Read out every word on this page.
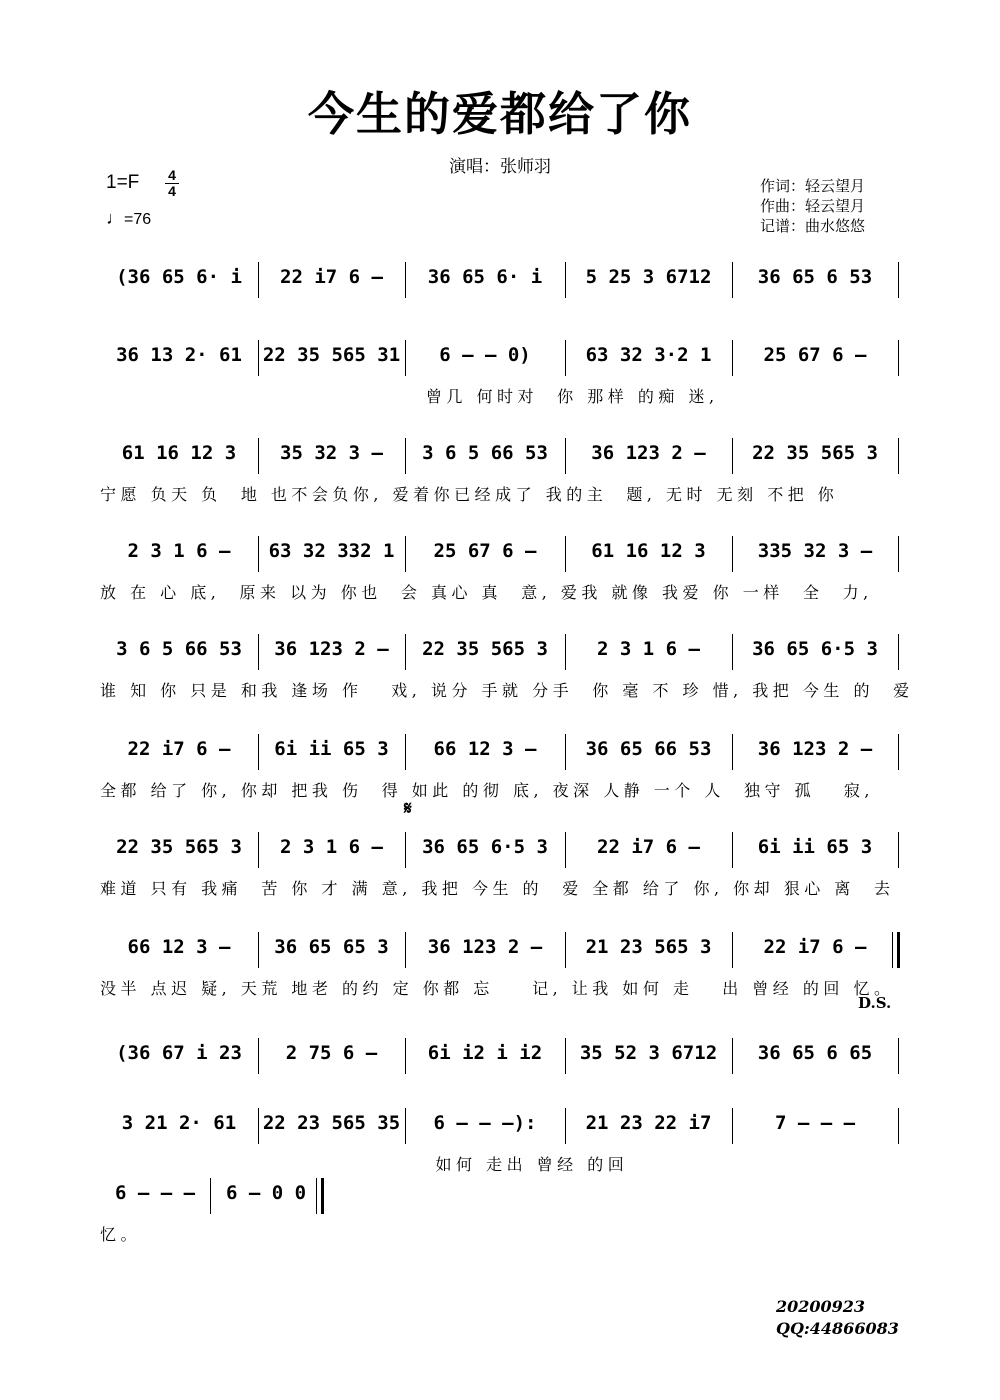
今生的爱都给了你
演唱：张师羽
1=F 4
4
♩=76
作词：轻云望月
作曲：轻云望月
记谱：曲水悠悠
(36 65 6· i	22 i7 6 –	36 65 6· i	5 25 3 6712	36 65 6 53
36 13 2· 61	22 35 565 31	6 – – 0)	63 32 3·2 1	25 67 6 –
曾几 何时对  你 那样 的痴 迷,
61 16 12 3	35 32 3 –	3 6 5 66 53	36 123 2 –	22 35 565 3
宁愿 负天 负  地 也不会负你, 爱着你已经成了 我的主  题, 无时 无刻 不把 你
2 3 1 6 –	63 32 332 1	25 67 6 –	61 16 12 3	335 32 3 –
放 在 心 底,  原来 以为 你也  会 真心 真  意, 爱我 就像 我爱 你 一样  全  力,
3 6 5 66 53	36 123 2 –	22 35 565 3	2 3 1 6 –	36 65 6·5 3
谁 知 你 只是 和我 逢场 作   戏, 说分 手就 分手  你 毫 不 珍 惜, 我把 今生 的  爱
22 i7 6 –	6i ii 65 3	66 12 3 –	36 65 66 53	36 123 2 –
全都 给了 你, 你却 把我 伤  得 如此 的彻 底, 夜深 人静 一个 人  独守 孤   寂,
22 35 565 3	2 3 1 6 –	36 65 6·5 3	22 i7 6 –	6i ii 65 3
难道 只有 我痛  苦 你 才 满 意, 我把 今生 的  爱 全都 给了 你, 你却 狠心 离  去
66 12 3 –	36 65 65 3	36 123 2 –	21 23 565 3	22 i7 6 –
没半 点迟 疑, 天荒 地老 的约 定 你都 忘    记, 让我 如何 走   出 曾经 的回 忆。
(36 67 i 23	2 75 6 –	6i i2 i i2	35 52 3 6712	36 65 6 65
3 21 2· 61	22 23 565 35	6 – – –):	21 23 22 i7	7 – – –
如何 走出 曾经 的回
6 – – –	6 – 0 0
忆。
𝄋
D.S.
20200923
QQ:44866083
